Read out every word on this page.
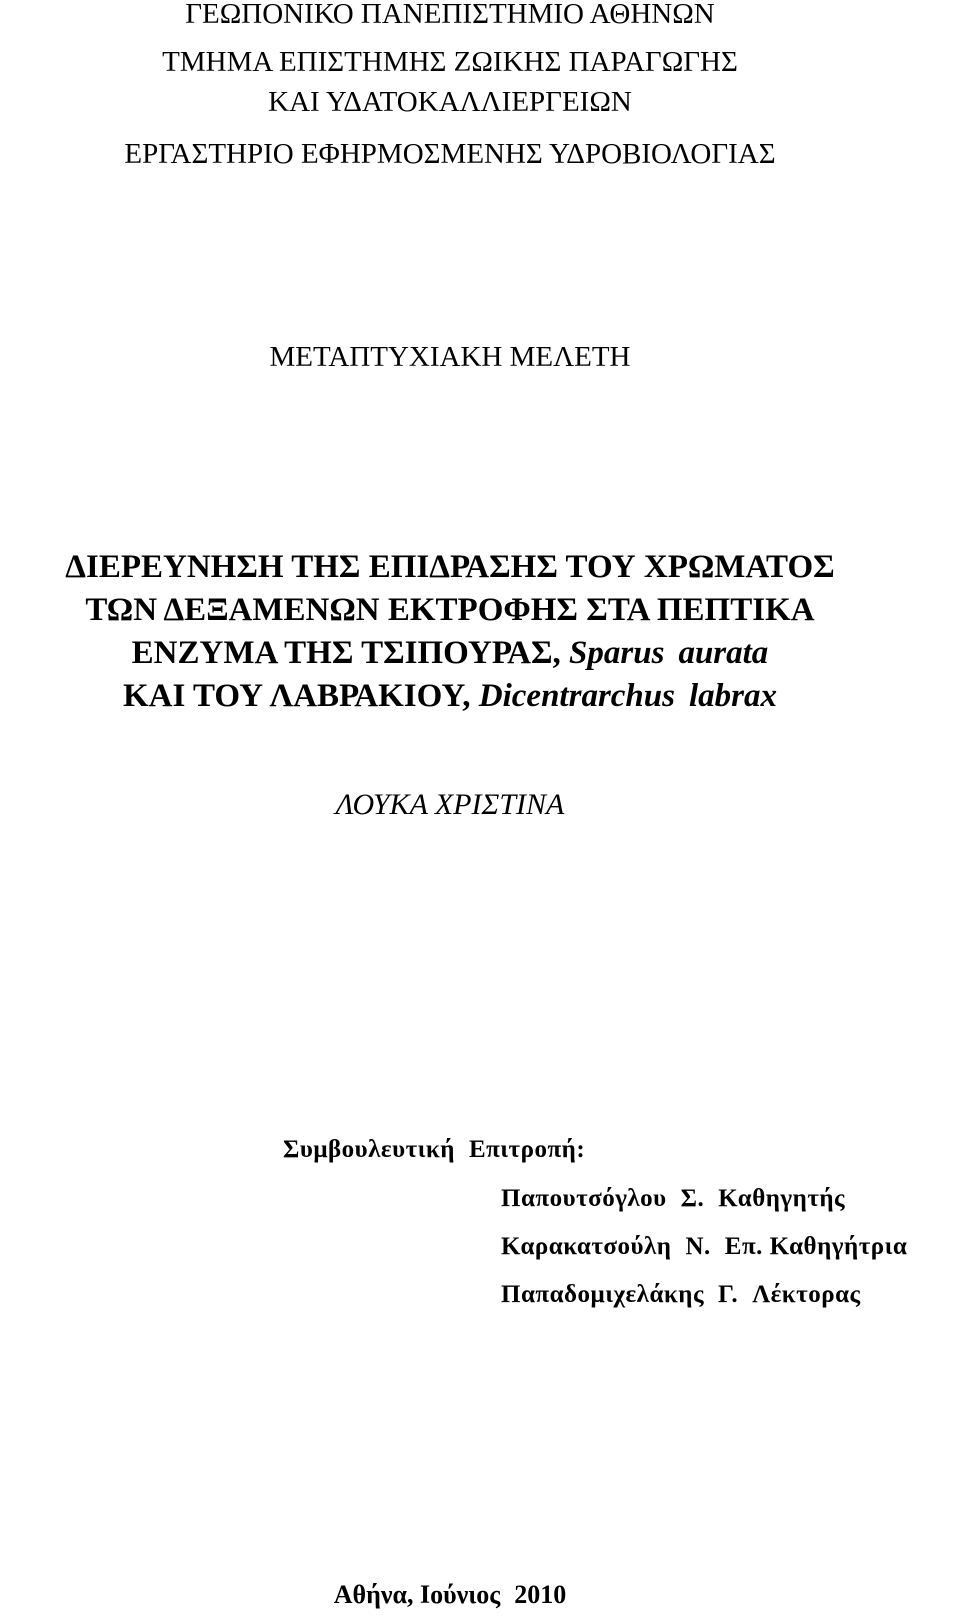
ΓΕΩΠΟΝΙΚΟ ΠΑΝΕΠΙΣΤΗΜΙΟ ΑΘΗΝΩΝ
ΤΜΗΜΑ ΕΠΙΣΤΗΜΗΣ ΖΩΙΚΗΣ ΠΑΡΑΓΩΓΗΣ
ΚΑΙ ΥΔΑΤΟΚΑΛΛΙΕΡΓΕΙΩΝ
ΕΡΓΑΣΤΗΡΙΟ ΕΦΗΡΜΟΣΜΕΝΗΣ ΥΔΡΟΒΙΟΛΟΓΙΑΣ
ΜΕΤΑΠΤΥΧΙΑΚΗ ΜΕΛΕΤΗ
ΔΙΕΡΕΥΝΗΣΗ ΤΗΣ ΕΠΙΔΡΑΣΗΣ ΤΟΥ ΧΡΩΜΑΤΟΣ
ΤΩΝ ΔΕΞΑΜΕΝΩΝ ΕΚΤΡΟΦΗΣ ΣΤΑ ΠΕΠΤΙΚΑ
ΕΝΖΥΜΑ ΤΗΣ ΤΣΙΠΟΥΡΑΣ, Sparus aurata
ΚΑΙ ΤΟΥ ΛΑΒΡΑΚΙΟΥ, Dicentrarchus labrax
ΛΟΥΚΑ ΧΡΙΣΤΙΝΑ
Συμβουλευτική Επιτροπή:
Παπουτσόγλου Σ. Καθηγητής
Καρακατσούλη Ν. Επ. Καθηγήτρια
Παπαδομιχελάκης Γ. Λέκτορας
Αθήνα, Ιούνιος 2010
